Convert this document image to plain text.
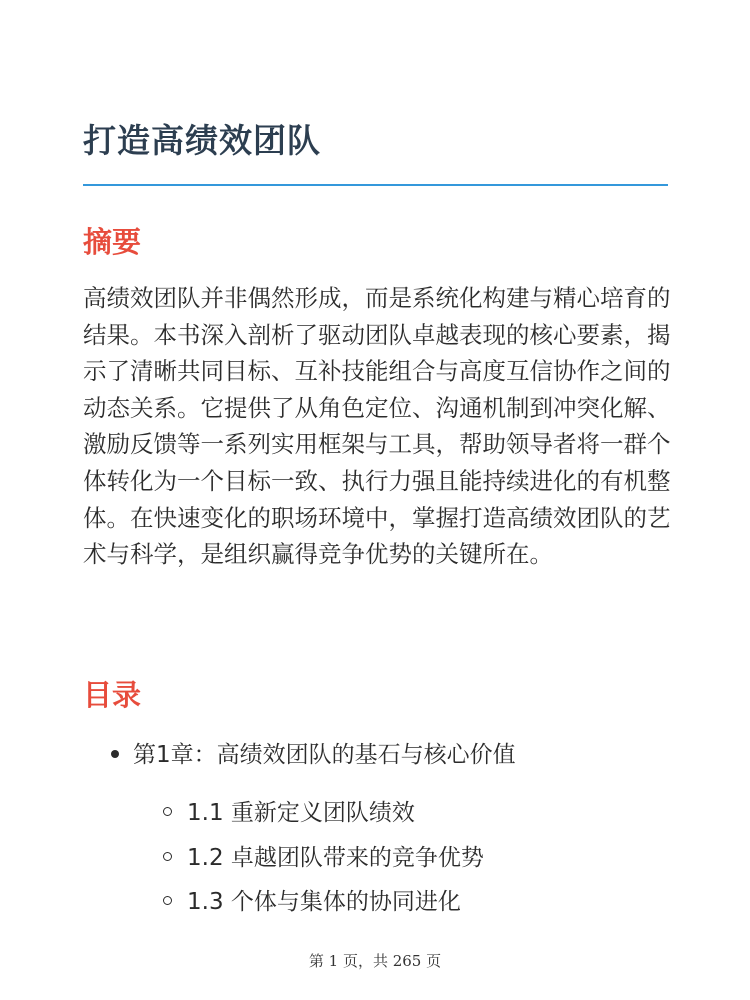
打造高绩效团队
摘要

高绩效团队并非偶然形成，而是系统化构建与精心培育的结果。本书深入剖析了驱动团队卓越表现的核心要素，揭示了清晰共同目标、互补技能组合与高度互信协作之间的动态关系。它提供了从角色定位、沟通机制到冲突化解、激励反馈等一系列实用框架与工具，帮助领导者将一群个体转化为一个目标一致、执行力强且能持续进化的有机整体。在快速变化的职场环境中，掌握打造高绩效团队的艺术与科学，是组织赢得竞争优势的关键所在。

目录
第1章：高绩效团队的基石与核心价值
1.1 重新定义团队绩效
1.2 卓越团队带来的竞争优势
1.3 个体与集体的协同进化
第 1 页，共 265 页
